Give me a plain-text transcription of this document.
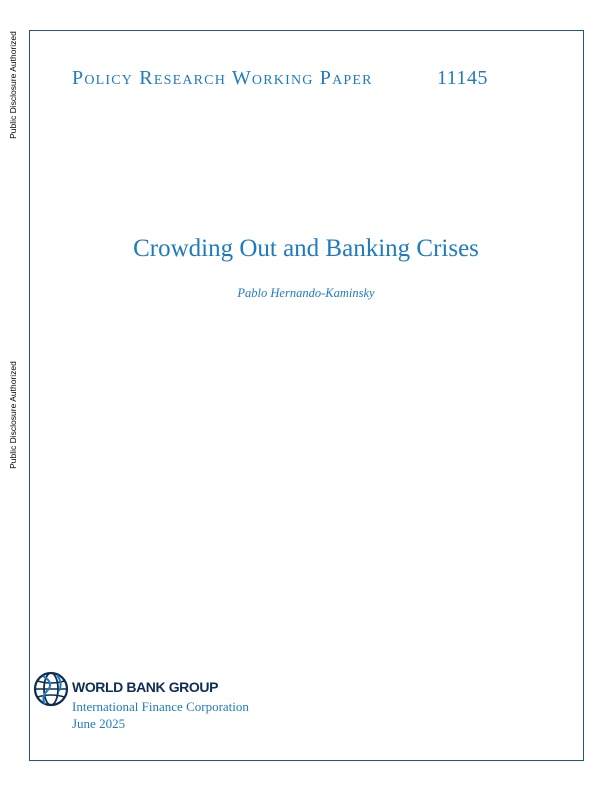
Public Disclosure Authorized
Public Disclosure Authorized
Policy Research Working Paper	11145
Crowding Out and Banking Crises
Pablo Hernando-Kaminsky
WORLD BANK GROUP
International Finance Corporation
June 2025
